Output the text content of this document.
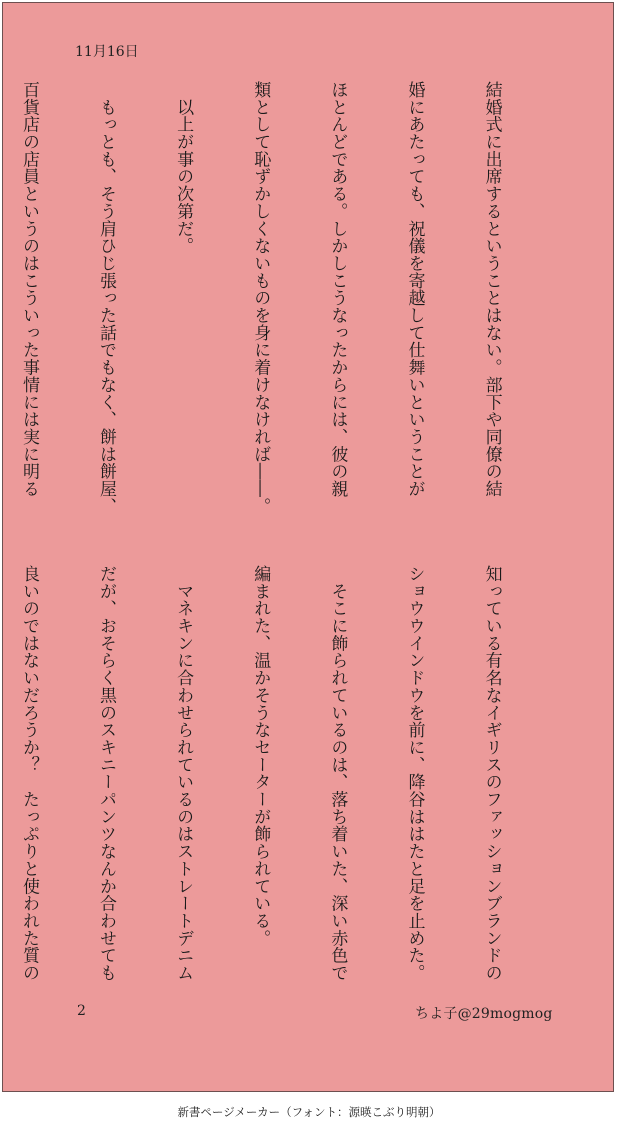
11月16日

結婚式に出席するということはない。部下や同僚の結

婚にあたっても、祝儀を寄越して仕舞いということが

ほとんどである。しかしこうなったからには、彼の親

類として恥ずかしくないものを身に着けなければ――。

　以上が事の次第だ。

　もっとも、そう肩ひじ張った話でもなく、餅は餅屋、

百貨店の店員というのはこういった事情には実に明る

知っている有名なイギリスのファッションブランドの

ショウウインドウを前に、降谷ははたと足を止めた。

　そこに飾られているのは、落ち着いた、深い赤色で

編まれた、温かそうなセーターが飾られている。

　マネキンに合わせられているのはストレートデニム

だが、おそらく黒のスキニーパンツなんか合わせても

良いのではないだろうか？　たっぷりと使われた質の

2	ちよ子@29mogmog
新書ページメーカー（フォント：源暎こぶり明朝）
